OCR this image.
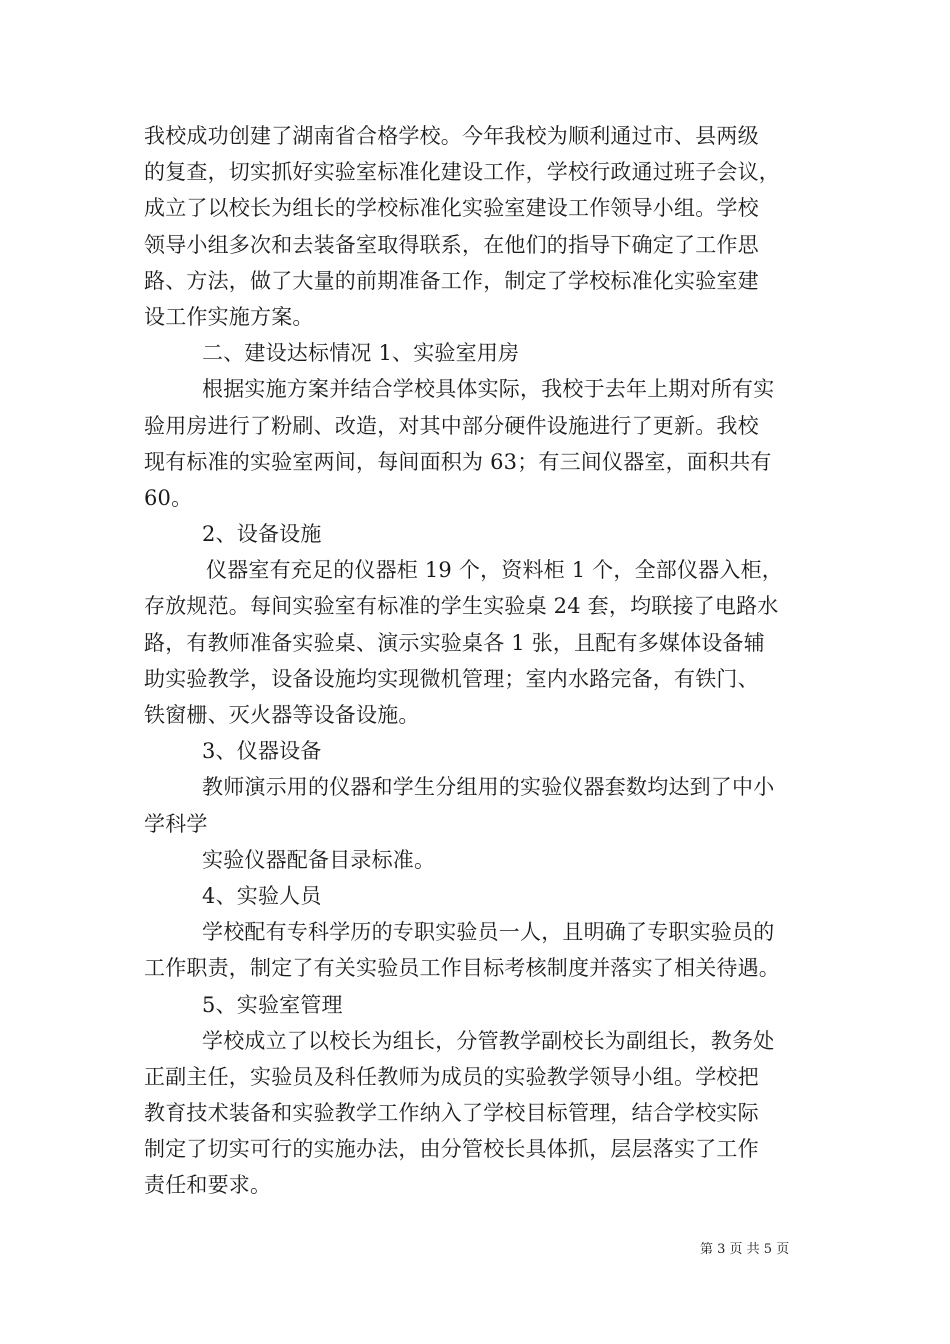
我校成功创建了湖南省合格学校。今年我校为顺利通过市、县两级
的复查，切实抓好实验室标准化建设工作，学校行政通过班子会议，
成立了以校长为组长的学校标准化实验室建设工作领导小组。学校
领导小组多次和去装备室取得联系，在他们的指导下确定了工作思
路、方法，做了大量的前期准备工作，制定了学校标准化实验室建
设工作实施方案。
二、建设达标情况 1、实验室用房
根据实施方案并结合学校具体实际，我校于去年上期对所有实
验用房进行了粉刷、改造，对其中部分硬件设施进行了更新。我校
现有标准的实验室两间，每间面积为 63；有三间仪器室，面积共有
60。
2、设备设施
仪器室有充足的仪器柜 19 个，资料柜 1 个，全部仪器入柜，
存放规范。每间实验室有标准的学生实验桌 24 套，均联接了电路水
路，有教师准备实验桌、演示实验桌各 1 张，且配有多媒体设备辅
助实验教学，设备设施均实现微机管理；室内水路完备，有铁门、
铁窗栅、灭火器等设备设施。
3、仪器设备
教师演示用的仪器和学生分组用的实验仪器套数均达到了中小
学科学
实验仪器配备目录标准。
4、实验人员
学校配有专科学历的专职实验员一人，且明确了专职实验员的
工作职责，制定了有关实验员工作目标考核制度并落实了相关待遇。
5、实验室管理
学校成立了以校长为组长，分管教学副校长为副组长，教务处
正副主任，实验员及科任教师为成员的实验教学领导小组。学校把
教育技术装备和实验教学工作纳入了学校目标管理，结合学校实际
制定了切实可行的实施办法，由分管校长具体抓，层层落实了工作
责任和要求。
第 3 页 共 5 页
